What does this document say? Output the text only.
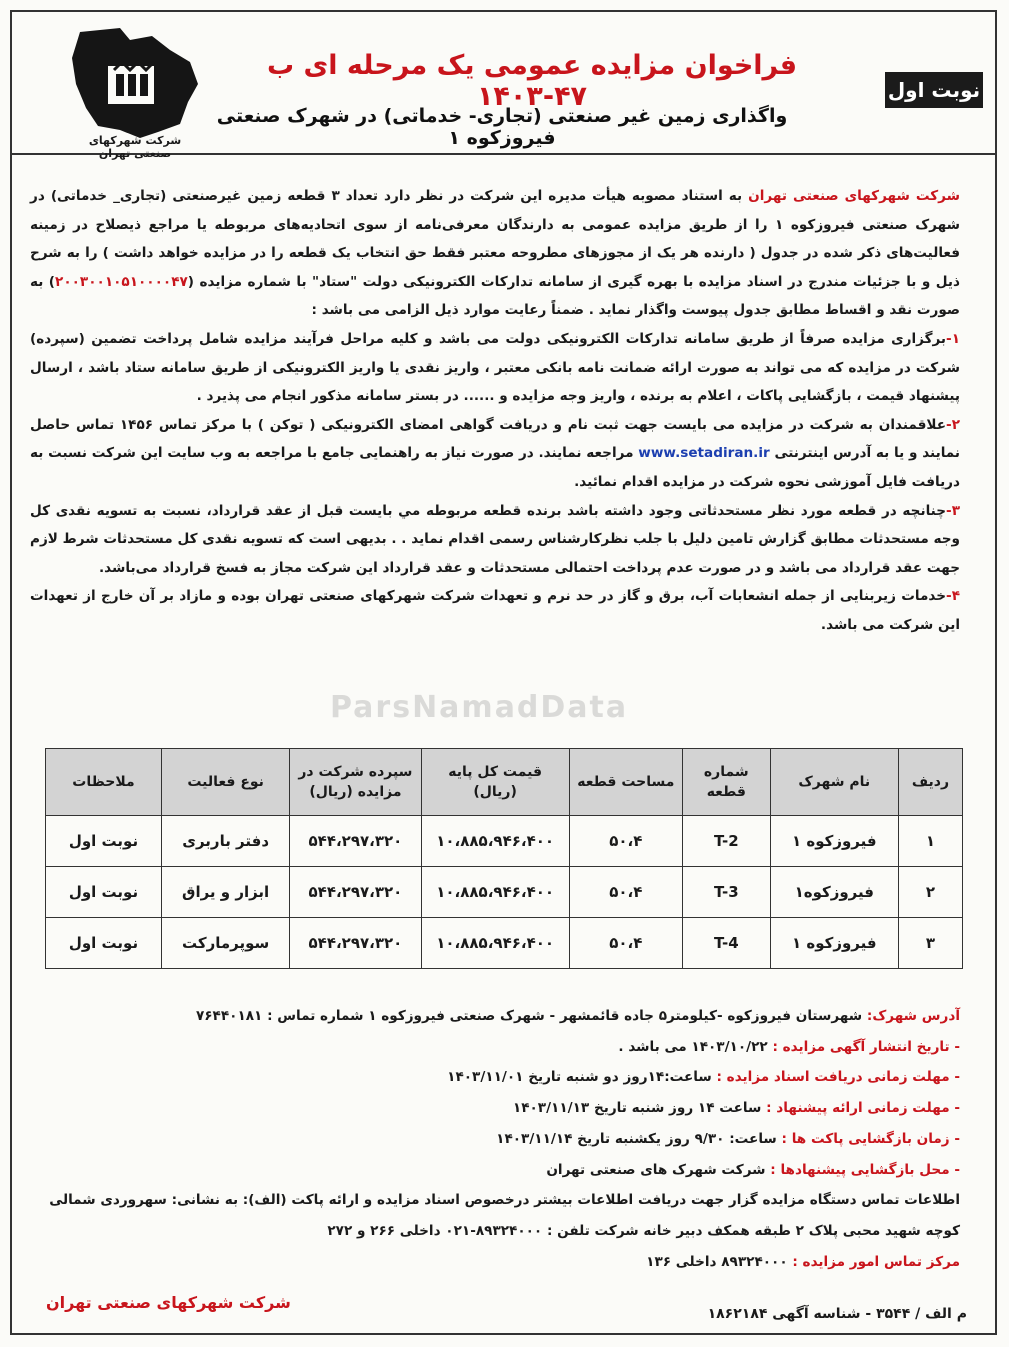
شرکت شهرکهای صنعتی تهران
فراخوان مزایده عمومی یک مرحله ای ب ۴۷-۱۴۰۳
واگذاری زمین غیر صنعتی (تجاری- خدماتی) در شهرک صنعتی فیروزکوه ۱
نوبت اول
ParsNamadData

شرکت شهرکهای صنعتی تهران به استناد مصوبه هیأت مدیره این شرکت در نظر دارد تعداد ۳ قطعه زمین غیرصنعتی (تجاری_ خدماتی) در شهرک صنعتی فیروزکوه ۱ را از طریق مزایده عمومی به دارندگان معرفی‌نامه از سوی اتحادیه‌های مربوطه یا مراجع ذیصلاح در زمینه فعالیت‌های ذکر شده در جدول ( دارنده هر یک از مجوزهای مطروحه معتبر فقط حق انتخاب یک قطعه را در مزایده خواهد داشت ) را به شرح ذیل و با جزئیات مندرج در اسناد مزایده با بهره گیری از سامانه تدارکات الکترونیکی دولت "ستاد" با شماره مزایده (۲۰۰۳۰۰۱۰۵۱۰۰۰۰۴۷) به صورت نقد و اقساط مطابق جدول پیوست واگذار نماید . ضمناً رعایت موارد ذیل الزامی می باشد :

۱-برگزاری مزایده صرفاً از طریق سامانه تدارکات الکترونیکی دولت می باشد و کلیه مراحل فرآیند مزایده شامل پرداخت تضمین (سپرده) شرکت در مزایده که می تواند به صورت ارائه ضمانت نامه بانکی معتبر ، واریز نقدی یا واریز الکترونیکی از طریق سامانه ستاد باشد ، ارسال پیشنهاد قیمت ، بازگشایی پاکات ، اعلام به برنده ، واریز وجه مزایده و ...... در بستر سامانه مذکور انجام می پذیرد .

۲-علاقمندان به شرکت در مزایده می بایست جهت ثبت نام و دریافت گواهی امضای الکترونیکی ( توکن ) با مرکز تماس ۱۴۵۶ تماس حاصل نمایند و یا به آدرس اینترنتی www.setadiran.ir مراجعه نمایند. در صورت نیاز به راهنمایی جامع با مراجعه به وب سایت این شرکت نسبت به دریافت فایل آموزشی نحوه شرکت در مزایده اقدام نمائید.

۳-چنانچه در قطعه مورد نظر مستحدثاتی وجود داشته باشد برنده قطعه مربوطه مي بایست قبل از عقد قرارداد، نسبت به تسویه نقدی کل وجه مستحدثات مطابق گزارش تامین دلیل با جلب نظرکارشناس رسمی اقدام نماید . . بدیهی است که تسویه نقدی کل مستحدثات شرط لازم جهت عقد قرارداد می باشد و در صورت عدم پرداخت احتمالی مستحدثات و عقد قرارداد این شرکت مجاز به فسخ قرارداد می‌باشد.

۴-خدمات زیربنایی از جمله انشعابات آب، برق و گاز در حد نرم و تعهدات شرکت شهرکهای صنعتی تهران بوده و مازاد بر آن خارج از تعهدات این شرکت می باشد.

ردیف	نام شهرک	شماره قطعه	مساحت قطعه	قیمت کل پایه (ریال)	سپرده شرکت در مزایده (ریال)	نوع فعالیت	ملاحظات
۱	فیروزکوه ۱	T-2	۵۰،۴	۱۰،۸۸۵،۹۴۶،۴۰۰	۵۴۴،۲۹۷،۳۲۰	دفتر باربری	نوبت اول
۲	فیروزکوه۱	T-3	۵۰،۴	۱۰،۸۸۵،۹۴۶،۴۰۰	۵۴۴،۲۹۷،۳۲۰	ابزار و یراق	نوبت اول
۳	فیروزکوه ۱	T-4	۵۰،۴	۱۰،۸۸۵،۹۴۶،۴۰۰	۵۴۴،۲۹۷،۳۲۰	سوپرمارکت	نوبت اول

آدرس شهرک: شهرستان فیروزکوه -کیلومتر۵ جاده قائمشهر - شهرک صنعتی فیروزکوه ۱ شماره تماس : ۷۶۴۴۰۱۸۱

- تاریخ انتشار آگهی مزایده : ۱۴۰۳/۱۰/۲۲ می باشد .

- مهلت زمانی دریافت اسناد مزایده : ساعت:۱۴روز دو شنبه تاریخ ۱۴۰۳/۱۱/۰۱

- مهلت زمانی ارائه پیشنهاد : ساعت ۱۴ روز شنبه تاریخ ۱۴۰۳/۱۱/۱۳

- زمان بازگشایی پاکت ها : ساعت: ۹/۳۰ روز یکشنبه تاریخ ۱۴۰۳/۱۱/۱۴

- محل بازگشایی پیشنهادها : شرکت شهرک های صنعتی تهران

اطلاعات تماس دستگاه مزایده گزار جهت دریافت اطلاعات بیشتر درخصوص اسناد مزایده و ارائه پاکت (الف): به نشانی: سهروردی شمالی کوچه شهید محبی پلاک ۲ طبقه همکف دبیر خانه شرکت تلفن : ۸۹۳۲۴۰۰۰-۰۲۱ داخلی ۲۶۶ و ۲۷۲

مرکز تماس امور مزایده : ۸۹۳۲۴۰۰۰ داخلی ۱۳۶

شرکت شهرکهای صنعتی تهران
م الف / ۳۵۴۴ - شناسه آگهی ۱۸۶۲۱۸۴
